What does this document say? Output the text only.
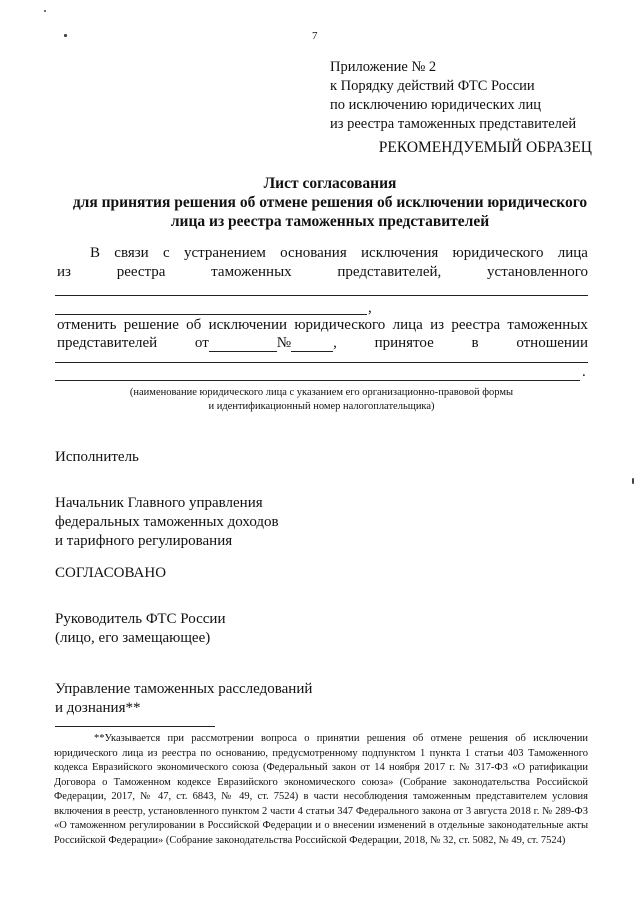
7
Приложение № 2
к Порядку действий ФТС России
по исключению юридических лиц
из реестра таможенных представителей
РЕКОМЕНДУЕМЫЙ ОБРАЗЕЦ
Лист согласования
для принятия решения об отмене решения об исключении юридического
лица из реестра таможенных представителей
В связи с устранением основания исключения юридического лица
из	реестра	таможенных	представителей,	установленного
,
отменить решение об исключении юридического лица из реестра таможенных
представителей	от	№	,	принятое	в	отношении
.
(наименование юридического лица с указанием его организационно-правовой формы
и идентификационный номер налогоплательщика)
Исполнитель
Начальник Главного управления
федеральных таможенных доходов
и тарифного регулирования
СОГЛАСОВАНО
Руководитель ФТС России
(лицо, его замещающее)
Управление таможенных расследований
и дознания**
**Указывается при рассмотрении вопроса о принятии решения об отмене решения об исключении юридического лица из реестра по основанию, предусмотренному подпунктом 1 пункта 1 статьи 403 Таможенного кодекса Евразийского экономического союза (Федеральный закон от 14 ноября 2017 г. № 317-ФЗ «О ратификации Договора о Таможенном кодексе Евразийского экономического союза» (Собрание законодательства Российской Федерации, 2017, № 47, ст. 6843, № 49, ст. 7524) в части несоблюдения таможенным представителем условия включения в реестр, установленного пунктом 2 части 4 статьи 347 Федерального закона от 3 августа 2018 г. № 289-ФЗ «О таможенном регулировании в Российской Федерации и о внесении изменений в отдельные законодательные акты Российской Федерации» (Собрание законодательства Российской Федерации, 2018, № 32, ст. 5082, № 49, ст. 7524)
